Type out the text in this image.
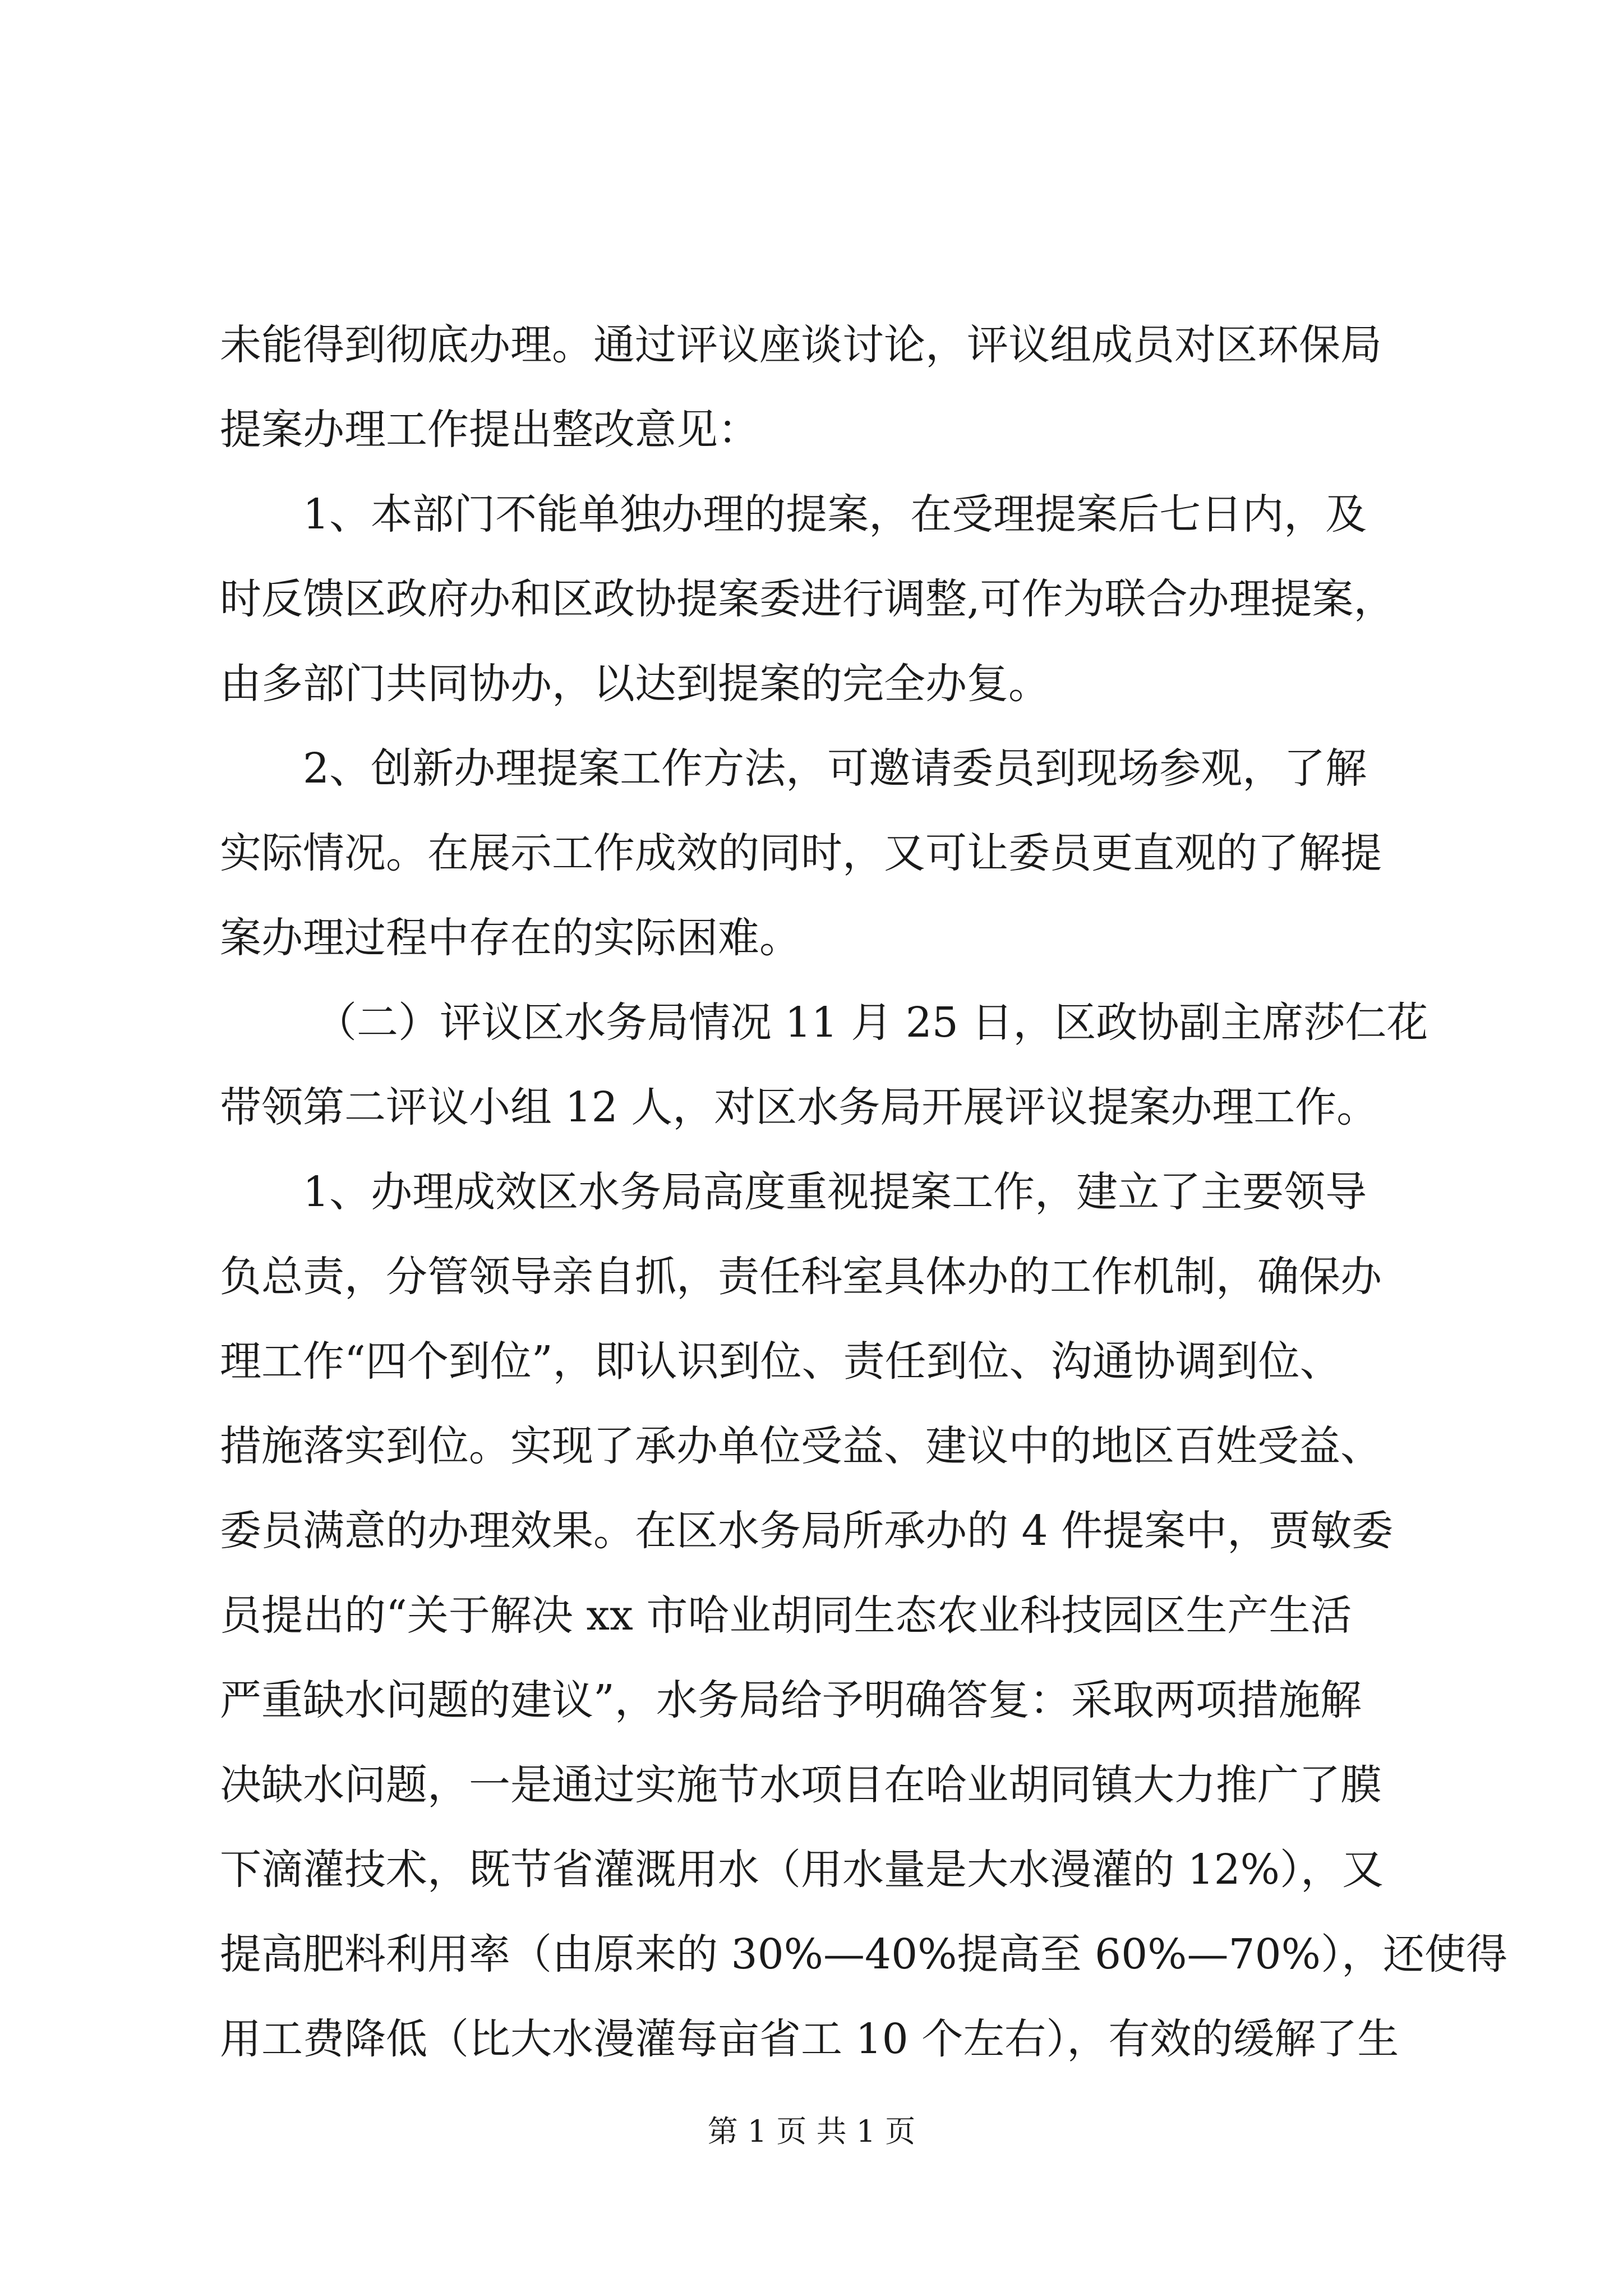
未能得到彻底办理。通过评议座谈讨论，评议组成员对区环保局
提案办理工作提出整改意见：
1、本部门不能单独办理的提案，在受理提案后七日内，及
时反馈区政府办和区政协提案委进行调整,可作为联合办理提案，
由多部门共同协办，以达到提案的完全办复。
2、创新办理提案工作方法，可邀请委员到现场参观，了解
实际情况。在展示工作成效的同时，又可让委员更直观的了解提
案办理过程中存在的实际困难。
（二）评议区水务局情况 11 月 25 日，区政协副主席莎仁花
带领第二评议小组 12 人，对区水务局开展评议提案办理工作。
1、办理成效区水务局高度重视提案工作，建立了主要领导
负总责，分管领导亲自抓，责任科室具体办的工作机制，确保办
理工作“四个到位”，即认识到位、责任到位、沟通协调到位、
措施落实到位。实现了承办单位受益、建议中的地区百姓受益、
委员满意的办理效果。在区水务局所承办的 4 件提案中，贾敏委
员提出的“关于解决 xx 市哈业胡同生态农业科技园区生产生活
严重缺水问题的建议”，水务局给予明确答复：采取两项措施解
决缺水问题，一是通过实施节水项目在哈业胡同镇大力推广了膜
下滴灌技术，既节省灌溉用水（用水量是大水漫灌的 12%），又
提高肥料利用率（由原来的 30%—40%提高至 60%—70%），还使得
用工费降低（比大水漫灌每亩省工 10 个左右），有效的缓解了生
第 1 页 共 1 页
